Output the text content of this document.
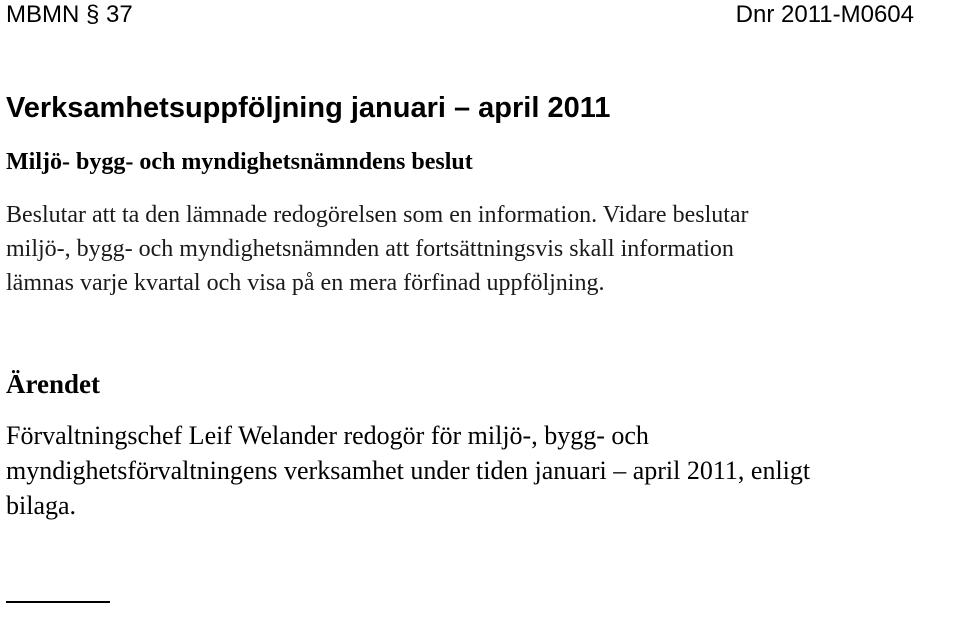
MBMN § 37	Dnr 2011-M0604
Verksamhetsuppföljning januari – april 2011
Miljö- bygg- och myndighetsnämndens beslut

Beslutar att ta den lämnade redogörelsen som en information. Vidare beslutar
miljö-, bygg- och myndighetsnämnden att fortsättningsvis skall information
lämnas varje kvartal och visa på en mera förfinad uppföljning.

Ärendet

Förvaltningschef Leif Welander redogör för miljö-, bygg- och
myndighetsförvaltningens verksamhet under tiden januari – april 2011, enligt
bilaga.
